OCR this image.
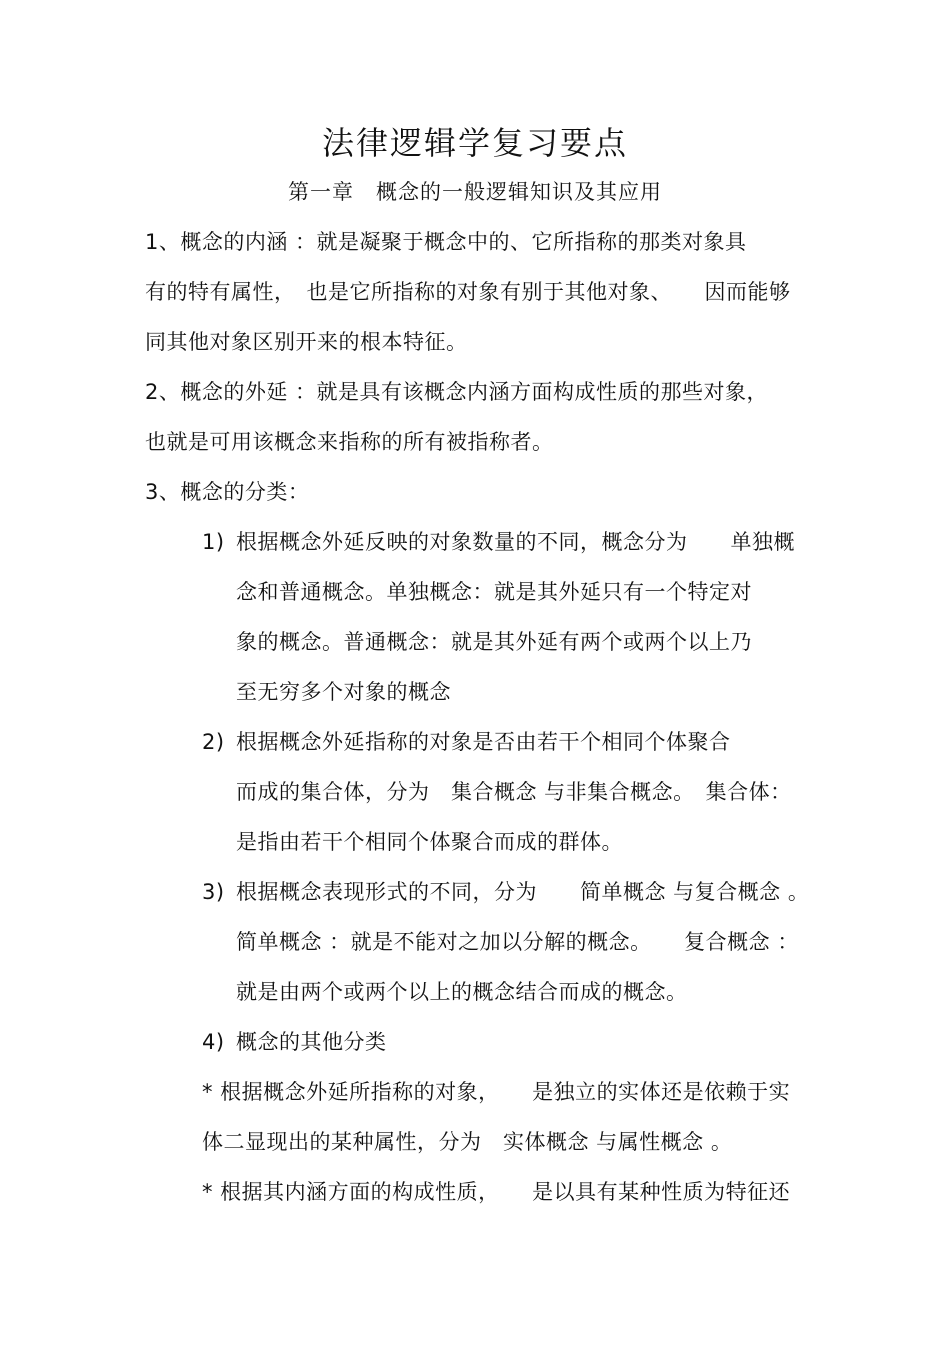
法律逻辑学复习要点
第一章　概念的一般逻辑知识及其应用
1、概念的内涵 ：就是凝聚于概念中的、它所指称的那类对象具
有的特有属性，　也是它所指称的对象有别于其他对象、　　因而能够
同其他对象区别开来的根本特征。
2、概念的外延 ：就是具有该概念内涵方面构成性质的那些对象，
也就是可用该概念来指称的所有被指称者。
3、概念的分类：
1) 根据概念外延反映的对象数量的不同，概念分为　　单独概
念和普通概念。单独概念：就是其外延只有一个特定对
象的概念。普通概念：就是其外延有两个或两个以上乃
至无穷多个对象的概念
2) 根据概念外延指称的对象是否由若干个相同个体聚合
而成的集合体，分为　集合概念 与非集合概念。　集合体：
是指由若干个相同个体聚合而成的群体。
3) 根据概念表现形式的不同，分为　　简单概念 与复合概念 。
简单概念 ：就是不能对之加以分解的概念。　　复合概念 ：
就是由两个或两个以上的概念结合而成的概念。
4) 概念的其他分类
* 根据概念外延所指称的对象，　　是独立的实体还是依赖于实
体二显现出的某种属性，分为　实体概念 与属性概念 。
* 根据其内涵方面的构成性质，　　是以具有某种性质为特征还
